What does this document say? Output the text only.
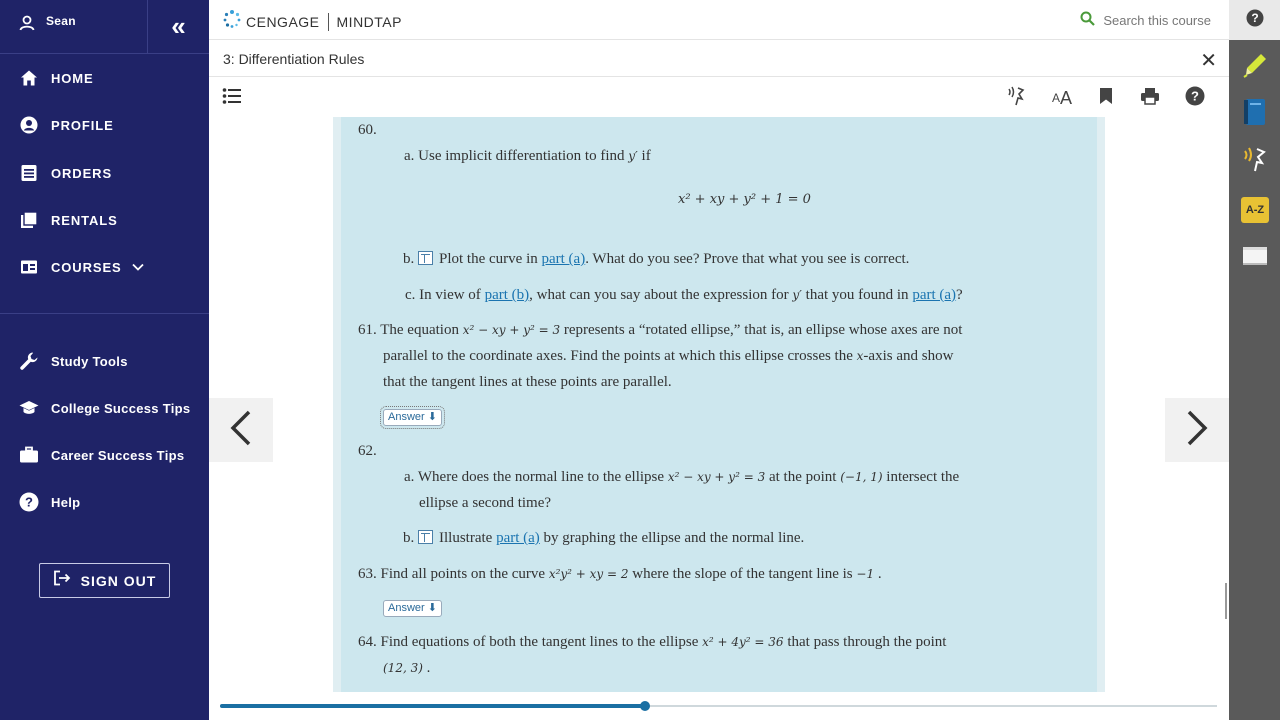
Sean	«
HOME
PROFILE
ORDERS
RENTALS
COURSES
Study Tools
College Success Tips
Career Success Tips
? Help
SIGN OUT
CENGAGE MINDTAP	Search this course
3: Differentiation Rules	✕
A A	?
60.
a. Use implicit differentiation to find y′ if
x² + xy + y² + 1 = 0
b. Plot the curve in part (a). What do you see? Prove that what you see is correct.
c. In view of part (b), what can you say about the expression for y′ that you found in part (a)?
61. The equation x² − xy + y² = 3 represents a “rotated ellipse,” that is, an ellipse whose axes are not
parallel to the coordinate axes. Find the points at which this ellipse crosses the x-axis and show
that the tangent lines at these points are parallel.
Answer ⬇
62.
a. Where does the normal line to the ellipse x² − xy + y² = 3 at the point (−1, 1) intersect the
ellipse a second time?
b. Illustrate part (a) by graphing the ellipse and the normal line.
63. Find all points on the curve x²y² + xy = 2 where the slope of the tangent line is −1 .
Answer ⬇
64. Find equations of both the tangent lines to the ellipse x² + 4y² = 36 that pass through the point
(12, 3) .
?
A-Z
